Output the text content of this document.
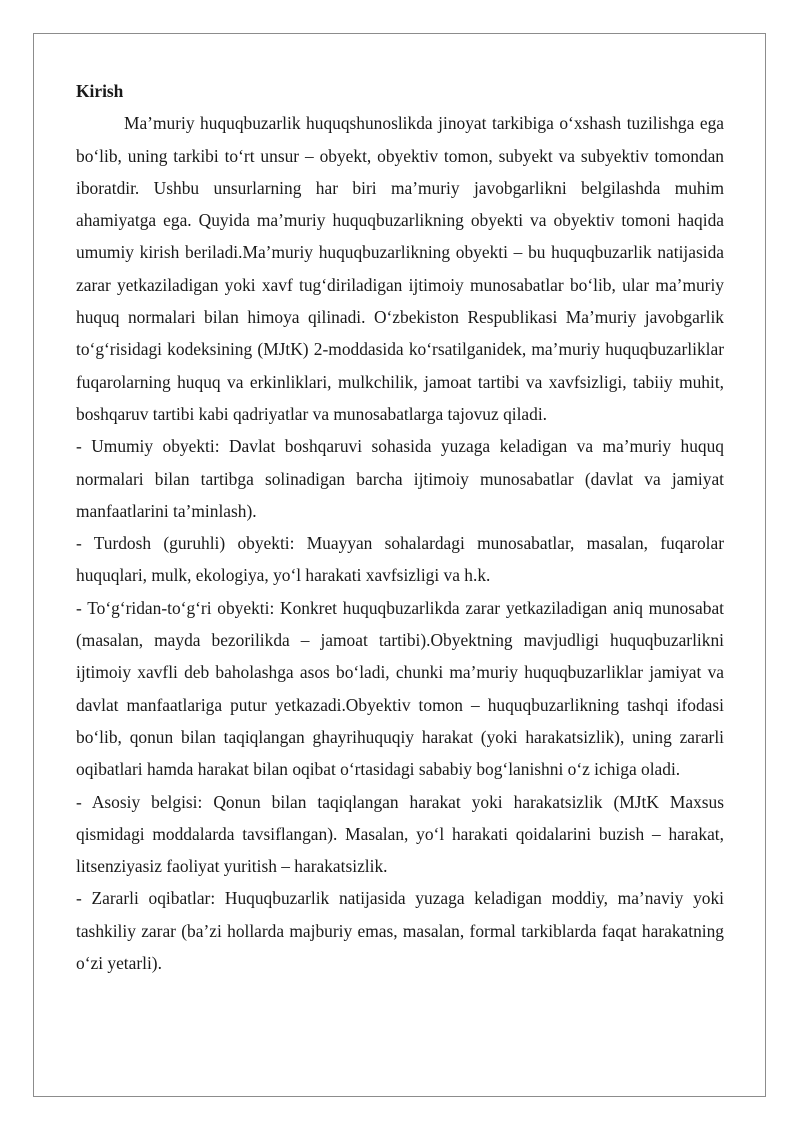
Kirish

Ma’muriy huquqbuzarlik huquqshunoslikda jinoyat tarkibiga o‘xshash tuzilishga ega bo‘lib, uning tarkibi to‘rt unsur – obyekt, obyektiv tomon, subyekt va subyektiv tomondan iboratdir. Ushbu unsurlarning har biri ma’muriy javobgarlikni belgilashda muhim ahamiyatga ega. Quyida ma’muriy huquqbuzarlikning obyekti va obyektiv tomoni haqida umumiy kirish beriladi.Ma’muriy huquqbuzarlikning obyekti – bu huquqbuzarlik natijasida zarar yetkaziladigan yoki xavf tug‘diriladigan ijtimoiy munosabatlar bo‘lib, ular ma’muriy huquq normalari bilan himoya qilinadi. O‘zbekiston Respublikasi Ma’muriy javobgarlik to‘g‘risidagi kodeksining (MJtK) 2-moddasida ko‘rsatilganidek, ma’muriy huquqbuzarliklar fuqarolarning huquq va erkinliklari, mulkchilik, jamoat tartibi va xavfsizligi, tabiiy muhit, boshqaruv tartibi kabi qadriyatlar va munosabatlarga tajovuz qiladi.

- Umumiy obyekti: Davlat boshqaruvi sohasida yuzaga keladigan va ma’muriy huquq normalari bilan tartibga solinadigan barcha ijtimoiy munosabatlar (davlat va jamiyat manfaatlarini ta’minlash).

- Turdosh (guruhli) obyekti: Muayyan sohalardagi munosabatlar, masalan, fuqarolar huquqlari, mulk, ekologiya, yo‘l harakati xavfsizligi va h.k.

- To‘g‘ridan-to‘g‘ri obyekti: Konkret huquqbuzarlikda zarar yetkaziladigan aniq munosabat (masalan, mayda bezorilikda – jamoat tartibi).Obyektning mavjudligi huquqbuzarlikni ijtimoiy xavfli deb baholashga asos bo‘ladi, chunki ma’muriy huquqbuzarliklar jamiyat va davlat manfaatlariga putur yetkazadi.Obyektiv tomon – huquqbuzarlikning tashqi ifodasi bo‘lib, qonun bilan taqiqlangan ghayrihuquqiy harakat (yoki harakatsizlik), uning zararli oqibatlari hamda harakat bilan oqibat o‘rtasidagi sababiy bog‘lanishni o‘z ichiga oladi.

- Asosiy belgisi: Qonun bilan taqiqlangan harakat yoki harakatsizlik (MJtK Maxsus qismidagi moddalarda tavsiflangan). Masalan, yo‘l harakati qoidalarini buzish – harakat, litsenziyasiz faoliyat yuritish – harakatsizlik.

- Zararli oqibatlar: Huquqbuzarlik natijasida yuzaga keladigan moddiy, ma’naviy yoki tashkiliy zarar (ba’zi hollarda majburiy emas, masalan, formal tarkiblarda faqat harakatning o‘zi yetarli).
